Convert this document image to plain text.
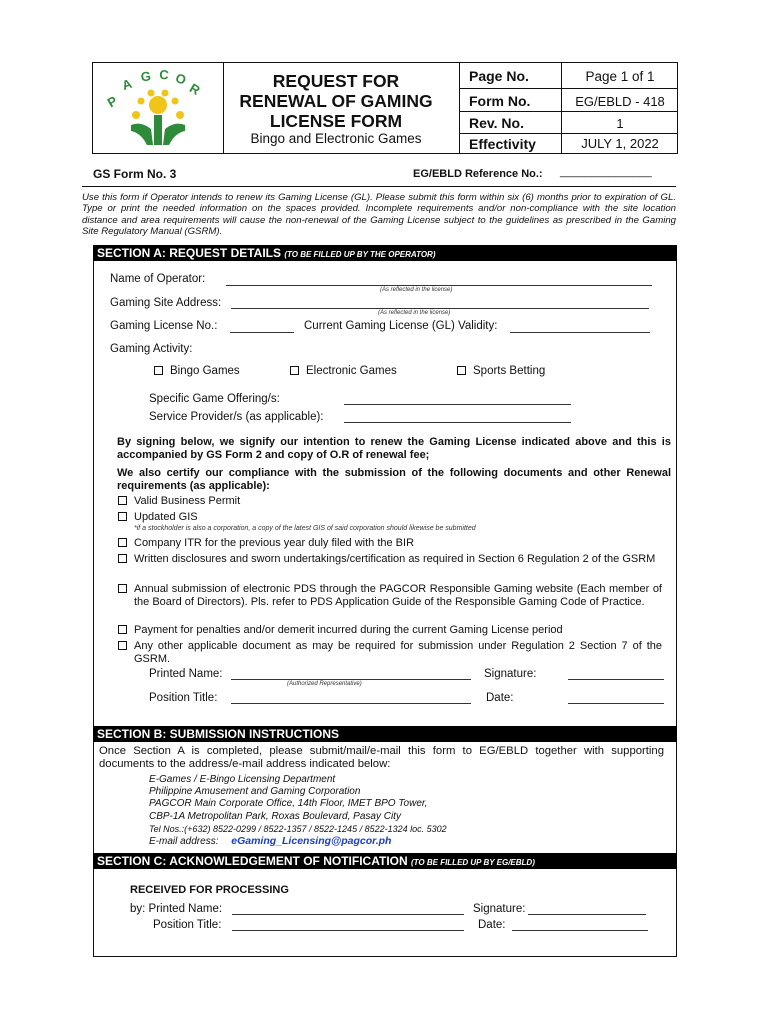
P
A G C O
R	REQUEST FOR
RENEWAL OF GAMING
LICENSE FORM
Bingo and Electronic Games
Page No.	Page 1 of 1
Form No.	EG/EBLD - 418
Rev. No.	1
Effectivity	JULY 1, 2022
GS Form No. 3	EG/EBLD Reference No.: _______________
Use this form if Operator intends to renew its Gaming License (GL). Please submit this form within six (6) months prior to expiration of GL. Type or print the needed information on the spaces provided. Incomplete requirements and/or non-compliance with the site location distance and area requirements will cause the non-renewal of the Gaming License subject to the guidelines as prescribed in the Gaming Site Regulatory Manual (GSRM).
SECTION A: REQUEST DETAILS (TO BE FILLED UP BY THE OPERATOR)
Name of Operator:
(As reflected in the license)
Gaming Site Address:
(As reflected in the license)
Gaming License No.:	Current Gaming License (GL) Validity:
Gaming Activity:
Bingo Games	Electronic Games	Sports Betting
Specific Game Offering/s:
Service Provider/s (as applicable):
By signing below, we signify our intention to renew the Gaming License indicated above and this is accompanied by GS Form 2 and copy of O.R of renewal fee;
We also certify our compliance with the submission of the following documents and other Renewal requirements (as applicable):
Valid Business Permit
Updated GIS
*if a stockholder is also a corporation, a copy of the latest GIS of said corporation should likewise be submitted
Company ITR for the previous year duly filed with the BIR
Written disclosures and sworn undertakings/certification as required in Section 6 Regulation 2 of the GSRM
Annual submission of electronic PDS through the PAGCOR Responsible Gaming website (Each member of the Board of Directors). Pls. refer to PDS Application Guide of the Responsible Gaming Code of Practice.
Payment for penalties and/or demerit incurred during the current Gaming License period
Any other applicable document as may be required for submission under Regulation 2 Section 7 of the GSRM.
Printed Name:
(Authorized Representative)
Signature:
Position Title:	Date:
SECTION B: SUBMISSION INSTRUCTIONS
Once Section A is completed, please submit/mail/e-mail this form to EG/EBLD together with supporting documents to the address/e-mail address indicated below:
E-Games / E-Bingo Licensing Department
Philippine Amusement and Gaming Corporation
PAGCOR Main Corporate Office, 14th Floor, IMET BPO Tower,
CBP-1A Metropolitan Park, Roxas Boulevard, Pasay City
Tel Nos.:(+632) 8522-0299 / 8522-1357 / 8522-1245 / 8522-1324 loc. 5302
E-mail address: eGaming_Licensing@pagcor.ph
SECTION C: ACKNOWLEDGEMENT OF NOTIFICATION (TO BE FILLED UP BY EG/EBLD)
RECEIVED FOR PROCESSING
by: Printed Name:	Signature:
Position Title:	Date:
